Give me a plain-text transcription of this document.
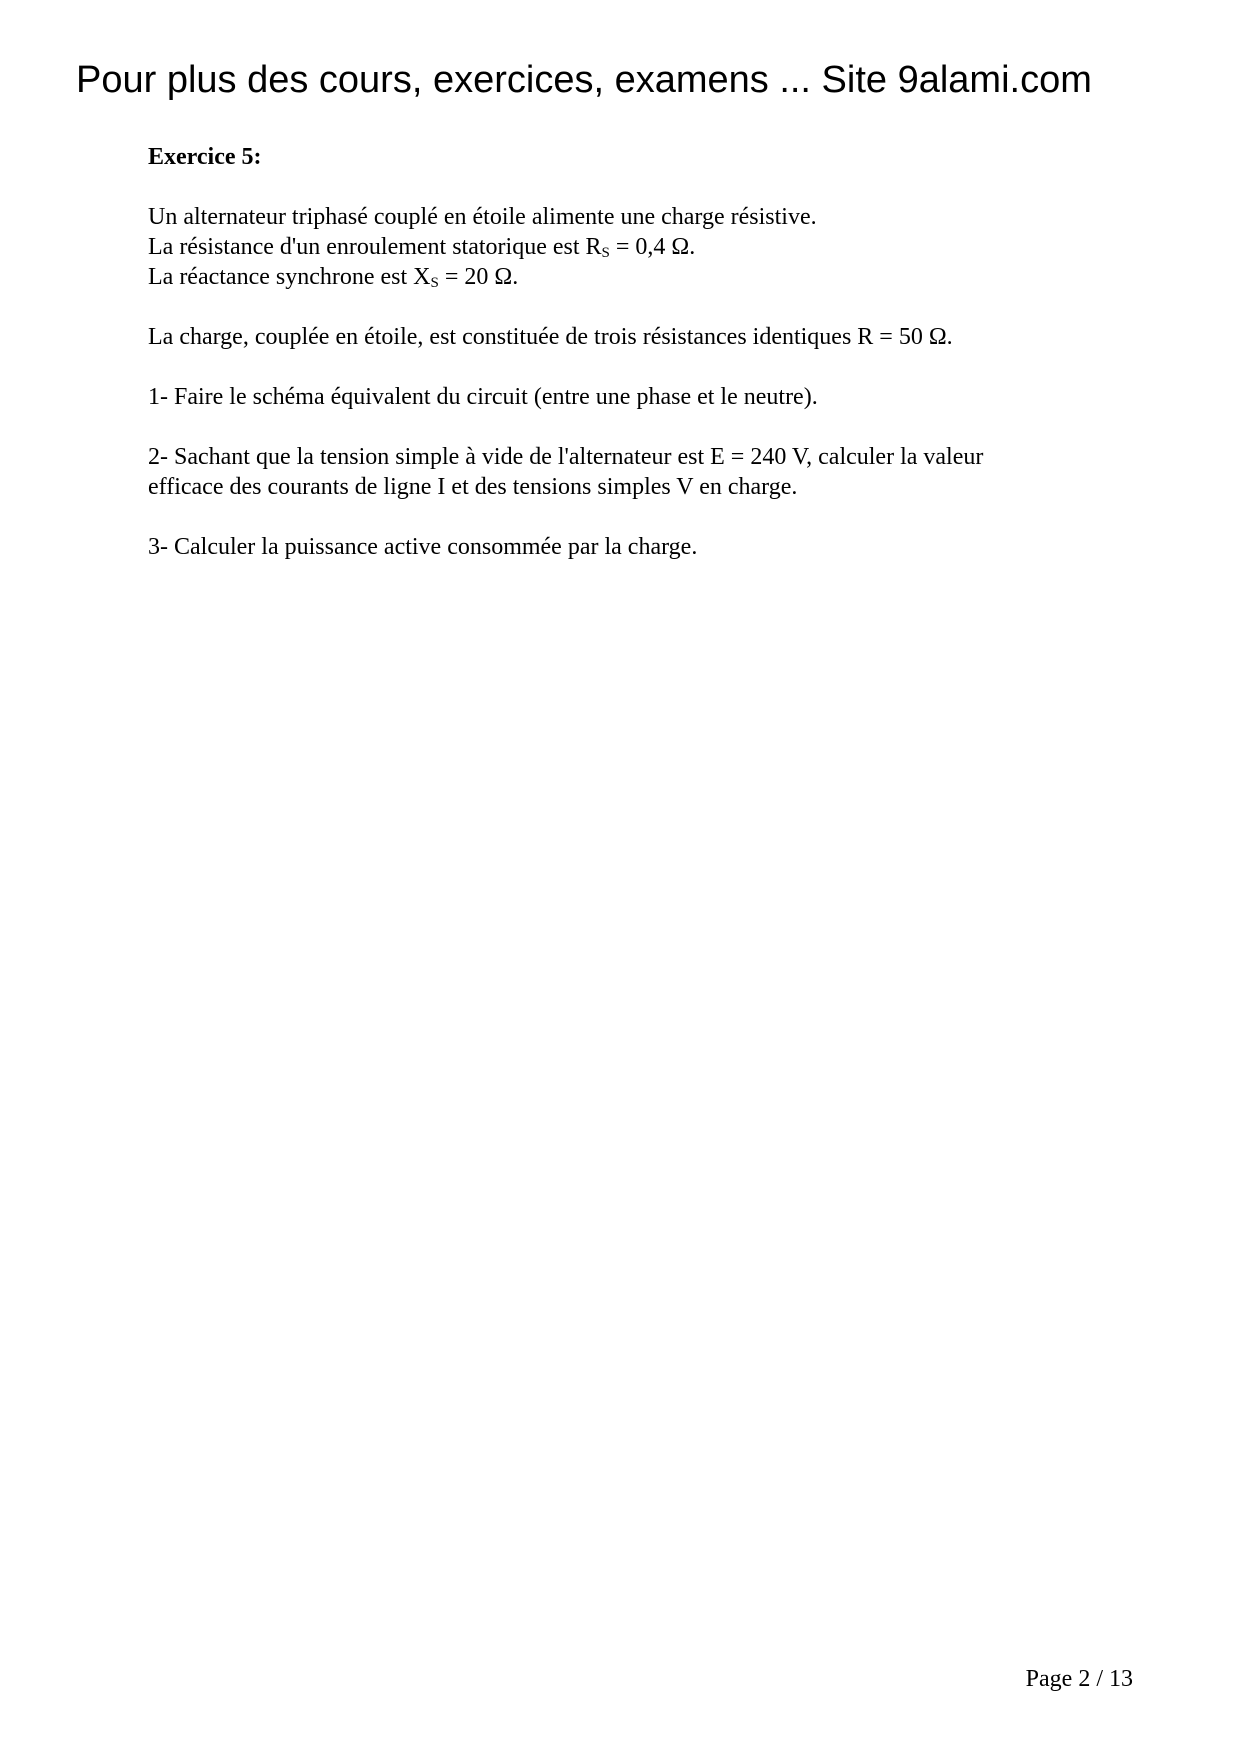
Pour plus des cours, exercices, examens ... Site 9alami.com
Exercice 5:
Un alternateur triphasé couplé en étoile alimente une charge résistive.
La résistance d'un enroulement statorique est $R_S = 0,4$ Ω.
La réactance synchrone est $X_S = 20$ Ω.
La charge, couplée en étoile, est constituée de trois résistances identiques R = 50 Ω.
1- Faire le schéma équivalent du circuit (entre une phase et le neutre).
2- Sachant que la tension simple à vide de l'alternateur est E = 240 V, calculer la valeur
efficace des courants de ligne I et des tensions simples V en charge.
3- Calculer la puissance active consommée par la charge.
Page 2 / 13
